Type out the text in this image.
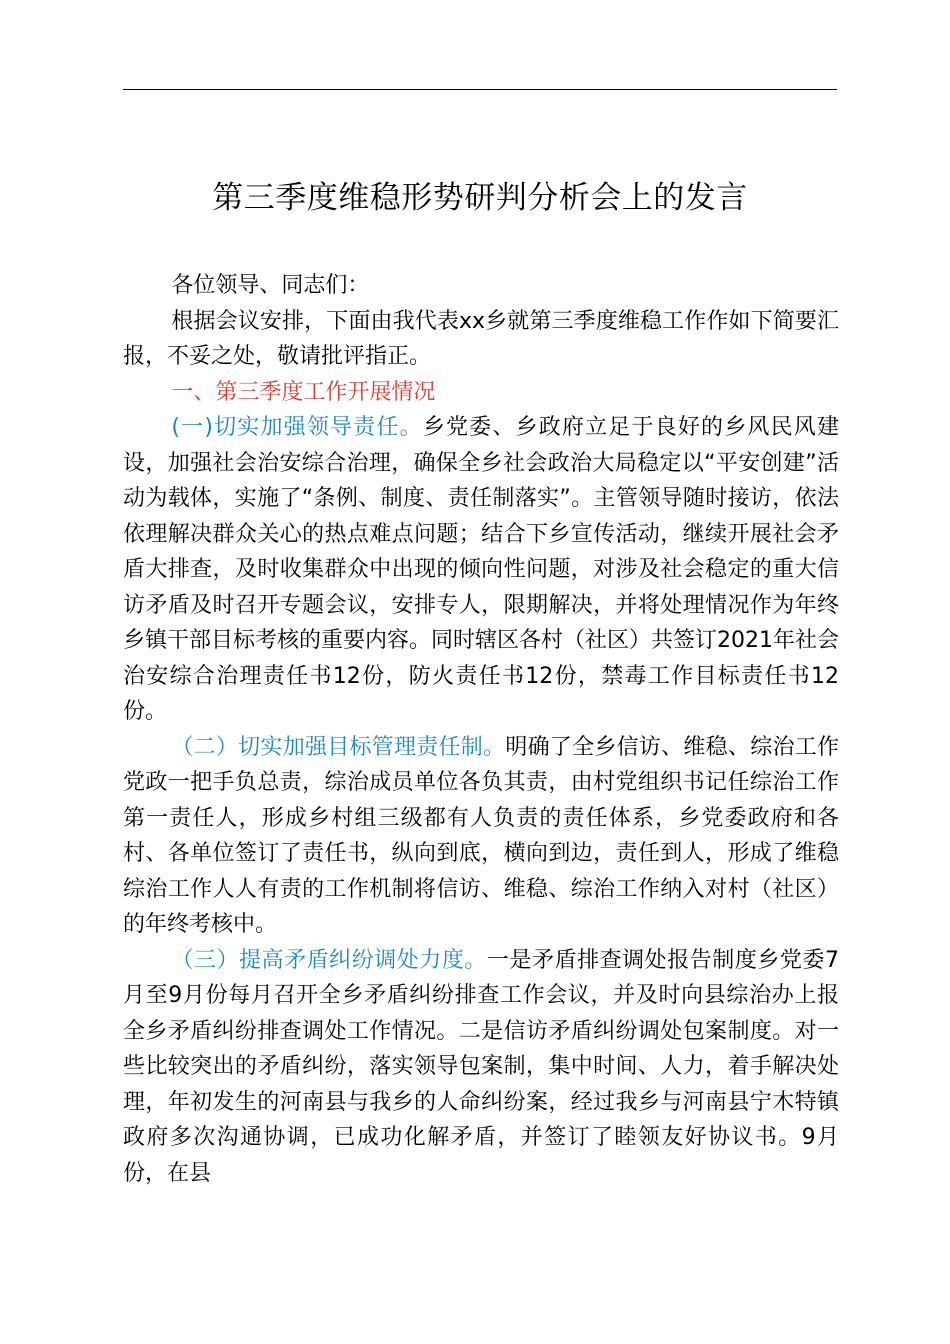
第三季度维稳形势研判分析会上的发言

各位领导、同志们：

根据会议安排，下面由我代表xx乡就第三季度维稳工作作如下简要汇报，不妥之处，敬请批评指正。

一、第三季度工作开展情况

(一)切实加强领导责任。乡党委、乡政府立足于良好的乡风民风建设，加强社会治安综合治理，确保全乡社会政治大局稳定以“平安创建”活动为载体，实施了“条例、制度、责任制落实”。主管领导随时接访，依法依理解决群众关心的热点难点问题；结合下乡宣传活动，继续开展社会矛盾大排查，及时收集群众中出现的倾向性问题，对涉及社会稳定的重大信访矛盾及时召开专题会议，安排专人，限期解决，并将处理情况作为年终乡镇干部目标考核的重要内容。同时辖区各村（社区）共签订2021年社会治安综合治理责任书12份，防火责任书12份，禁毒工作目标责任书12份。

（二）切实加强目标管理责任制。明确了全乡信访、维稳、综治工作党政一把手负总责，综治成员单位各负其责，由村党组织书记任综治工作第一责任人，形成乡村组三级都有人负责的责任体系，乡党委政府和各村、各单位签订了责任书，纵向到底，横向到边，责任到人，形成了维稳综治工作人人有责的工作机制将信访、维稳、综治工作纳入对村（社区）的年终考核中。

（三）提高矛盾纠纷调处力度。一是矛盾排查调处报告制度乡党委7月至9月份每月召开全乡矛盾纠纷排查工作会议，并及时向县综治办上报全乡矛盾纠纷排查调处工作情况。二是信访矛盾纠纷调处包案制度。对一些比较突出的矛盾纠纷，落实领导包案制，集中时间、人力，着手解决处理，年初发生的河南县与我乡的人命纠纷案，经过我乡与河南县宁木特镇政府多次沟通协调，已成功化解矛盾，并签订了睦领友好协议书。9月份，在县
